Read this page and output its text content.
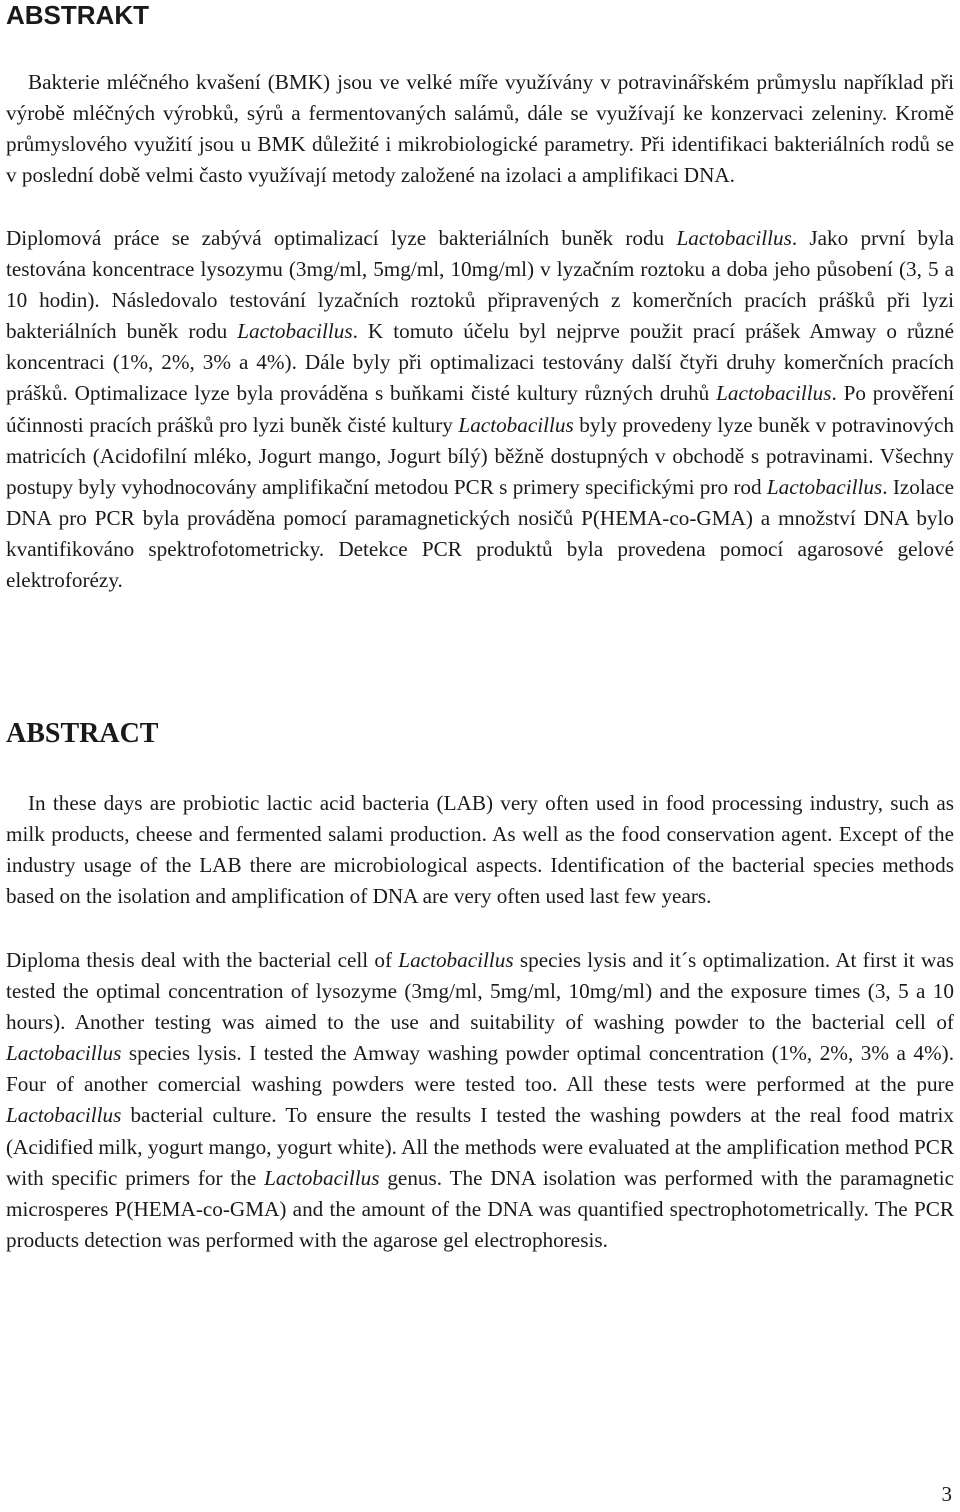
ABSTRAKT

Bakterie mléčného kvašení (BMK) jsou ve velké míře využívány v potravinářském průmyslu například při výrobě mléčných výrobků, sýrů a fermentovaných salámů, dále se využívají ke konzervaci zeleniny. Kromě průmyslového využití jsou u BMK důležité i mikrobiologické parametry. Při identifikaci bakteriálních rodů se v poslední době velmi často využívají metody založené na izolaci a amplifikaci DNA.

Diplomová práce se zabývá optimalizací lyze bakteriálních buněk rodu Lactobacillus. Jako první byla testována koncentrace lysozymu (3mg/ml, 5mg/ml, 10mg/ml) v lyzačním roztoku a doba jeho působení (3, 5 a 10 hodin). Následovalo testování lyzačních roztoků připravených z komerčních pracích prášků při lyzi bakteriálních buněk rodu Lactobacillus. K tomuto účelu byl nejprve použit prací prášek Amway o různé koncentraci (1%, 2%, 3% a 4%). Dále byly při optimalizaci testovány další čtyři druhy komerčních pracích prášků. Optimalizace lyze byla prováděna s buňkami čisté kultury různých druhů Lactobacillus. Po prověření účinnosti pracích prášků pro lyzi buněk čisté kultury Lactobacillus byly provedeny lyze buněk v potravinových matricích (Acidofilní mléko, Jogurt mango, Jogurt bílý) běžně dostupných v obchodě s potravinami. Všechny postupy byly vyhodnocovány amplifikační metodou PCR s primery specifickými pro rod Lactobacillus. Izolace DNA pro PCR byla prováděna pomocí paramagnetických nosičů P(HEMA-co-GMA) a množství DNA bylo kvantifikováno spektrofotometricky. Detekce PCR produktů byla provedena pomocí agarosové gelové elektroforézy.

ABSTRACT

In these days are probiotic lactic acid bacteria (LAB) very often used in food processing industry, such as milk products, cheese and fermented salami production. As well as the food conservation agent. Except of the industry usage of the LAB there are microbiological aspects. Identification of the bacterial species methods based on the isolation and amplification of DNA are very often used last few years.

Diploma thesis deal with the bacterial cell of Lactobacillus species lysis and it´s optimalization. At first it was tested the optimal concentration of lysozyme (3mg/ml, 5mg/ml, 10mg/ml) and the exposure times (3, 5 a 10 hours). Another testing was aimed to the use and suitability of washing powder to the bacterial cell of Lactobacillus species lysis. I tested the Amway washing powder optimal concentration (1%, 2%, 3% a 4%). Four of another comercial washing powders were tested too. All these tests were performed at the pure Lactobacillus bacterial culture. To ensure the results I tested the washing powders at the real food matrix (Acidified milk, yogurt mango, yogurt white). All the methods were evaluated at the amplification method PCR with specific primers for the Lactobacillus genus. The DNA isolation was performed with the paramagnetic microsperes P(HEMA-co-GMA) and the amount of the DNA was quantified spectrophotometrically. The PCR products detection was performed with the agarose gel electrophoresis.

3
